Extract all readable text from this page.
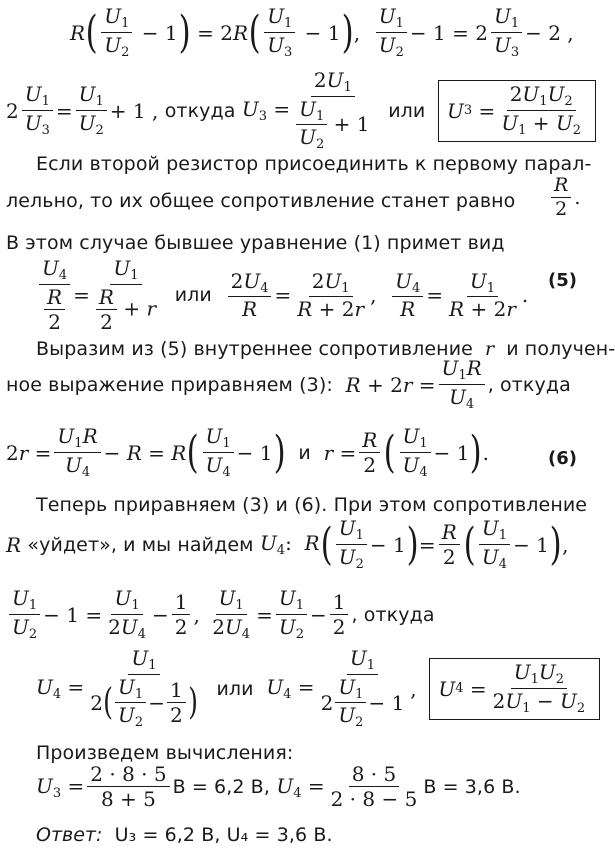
R ( $\frac{U_1}{U_2} - 1$ ) = 2R ( $\frac{U_1}{U_3} - 1$ ) , $\frac{U_1}{U_2} - 1 = 2 \frac{U_1}{U_3} - 2$ ,
$2 \frac{U_1}{U_3} = \frac{U_1}{U_2} + 1$ , откуда $U_3 = \frac{2U_1}{\frac{U_1}{U_2} + 1}$
или
U $3 = \frac{2U_1U_2}{U_1 + U_2}$
Если второй резистор присоединить к первому парал-
лельно, то их общее сопротивление станет равно $\frac{R}{2}$ .
В этом случае бывшее уравнение (1) примет вид
$\frac{U_4}{\frac{R}{2}} = \frac{U_1}{\frac{R}{2} + r}$
или
$\frac{2U_4}{R} = \frac{2U_1}{R + 2r}$ , $\frac{U_4}{R} = \frac{U_1}{R + 2r}$ .
(5)
Выразим из (5) внутреннее сопротивление  r  и получен-
ное выражение приравняем (3): $R + 2r = \frac{U_1R}{U_4}$ , откуда
$2r = \frac{U_1R}{U_4} - R = R$ ( $\frac{U_1}{U_4} - 1$ )
и $r = \frac{R}{2}$ ( $\frac{U_1}{U_4} - 1$ ) .	(6)
Теперь приравняем (3) и (6). При этом сопротивление
R
«уйдет», и мы найдем $U_4$:  R ( $\frac{U_1}{U_2} - 1$ ) = $\frac{R}{2}$ ( $\frac{U_1}{U_4} - 1$ ) ,
$\frac{U_1}{U_2} - 1 = \frac{U_1}{2U_4} - \frac{1}{2}$ , $\frac{U_1}{2U_4} = \frac{U_1}{U_2} - \frac{1}{2}$ , откуда
$U_4 = \frac{U_1}{2 ( \frac{U_1}{U_2} - \frac{1}{2} )}$
или $U_4 = \frac{U_1}{2 \frac{U_1}{U_2} - 1}$ , U $4 = \frac{U_1U_2}{2U_1 - U_2}$
Произведем вычисления:
$U_3 = \frac{2 \cdot 8 \cdot 5}{8 + 5}$ В = 6,2 В, $U_4 = \frac{8 \cdot 5}{2 \cdot 8 - 5}$ В = 3,6 В.
Ответ: U₃ = 6,2 В, U₄ = 3,6 В.
